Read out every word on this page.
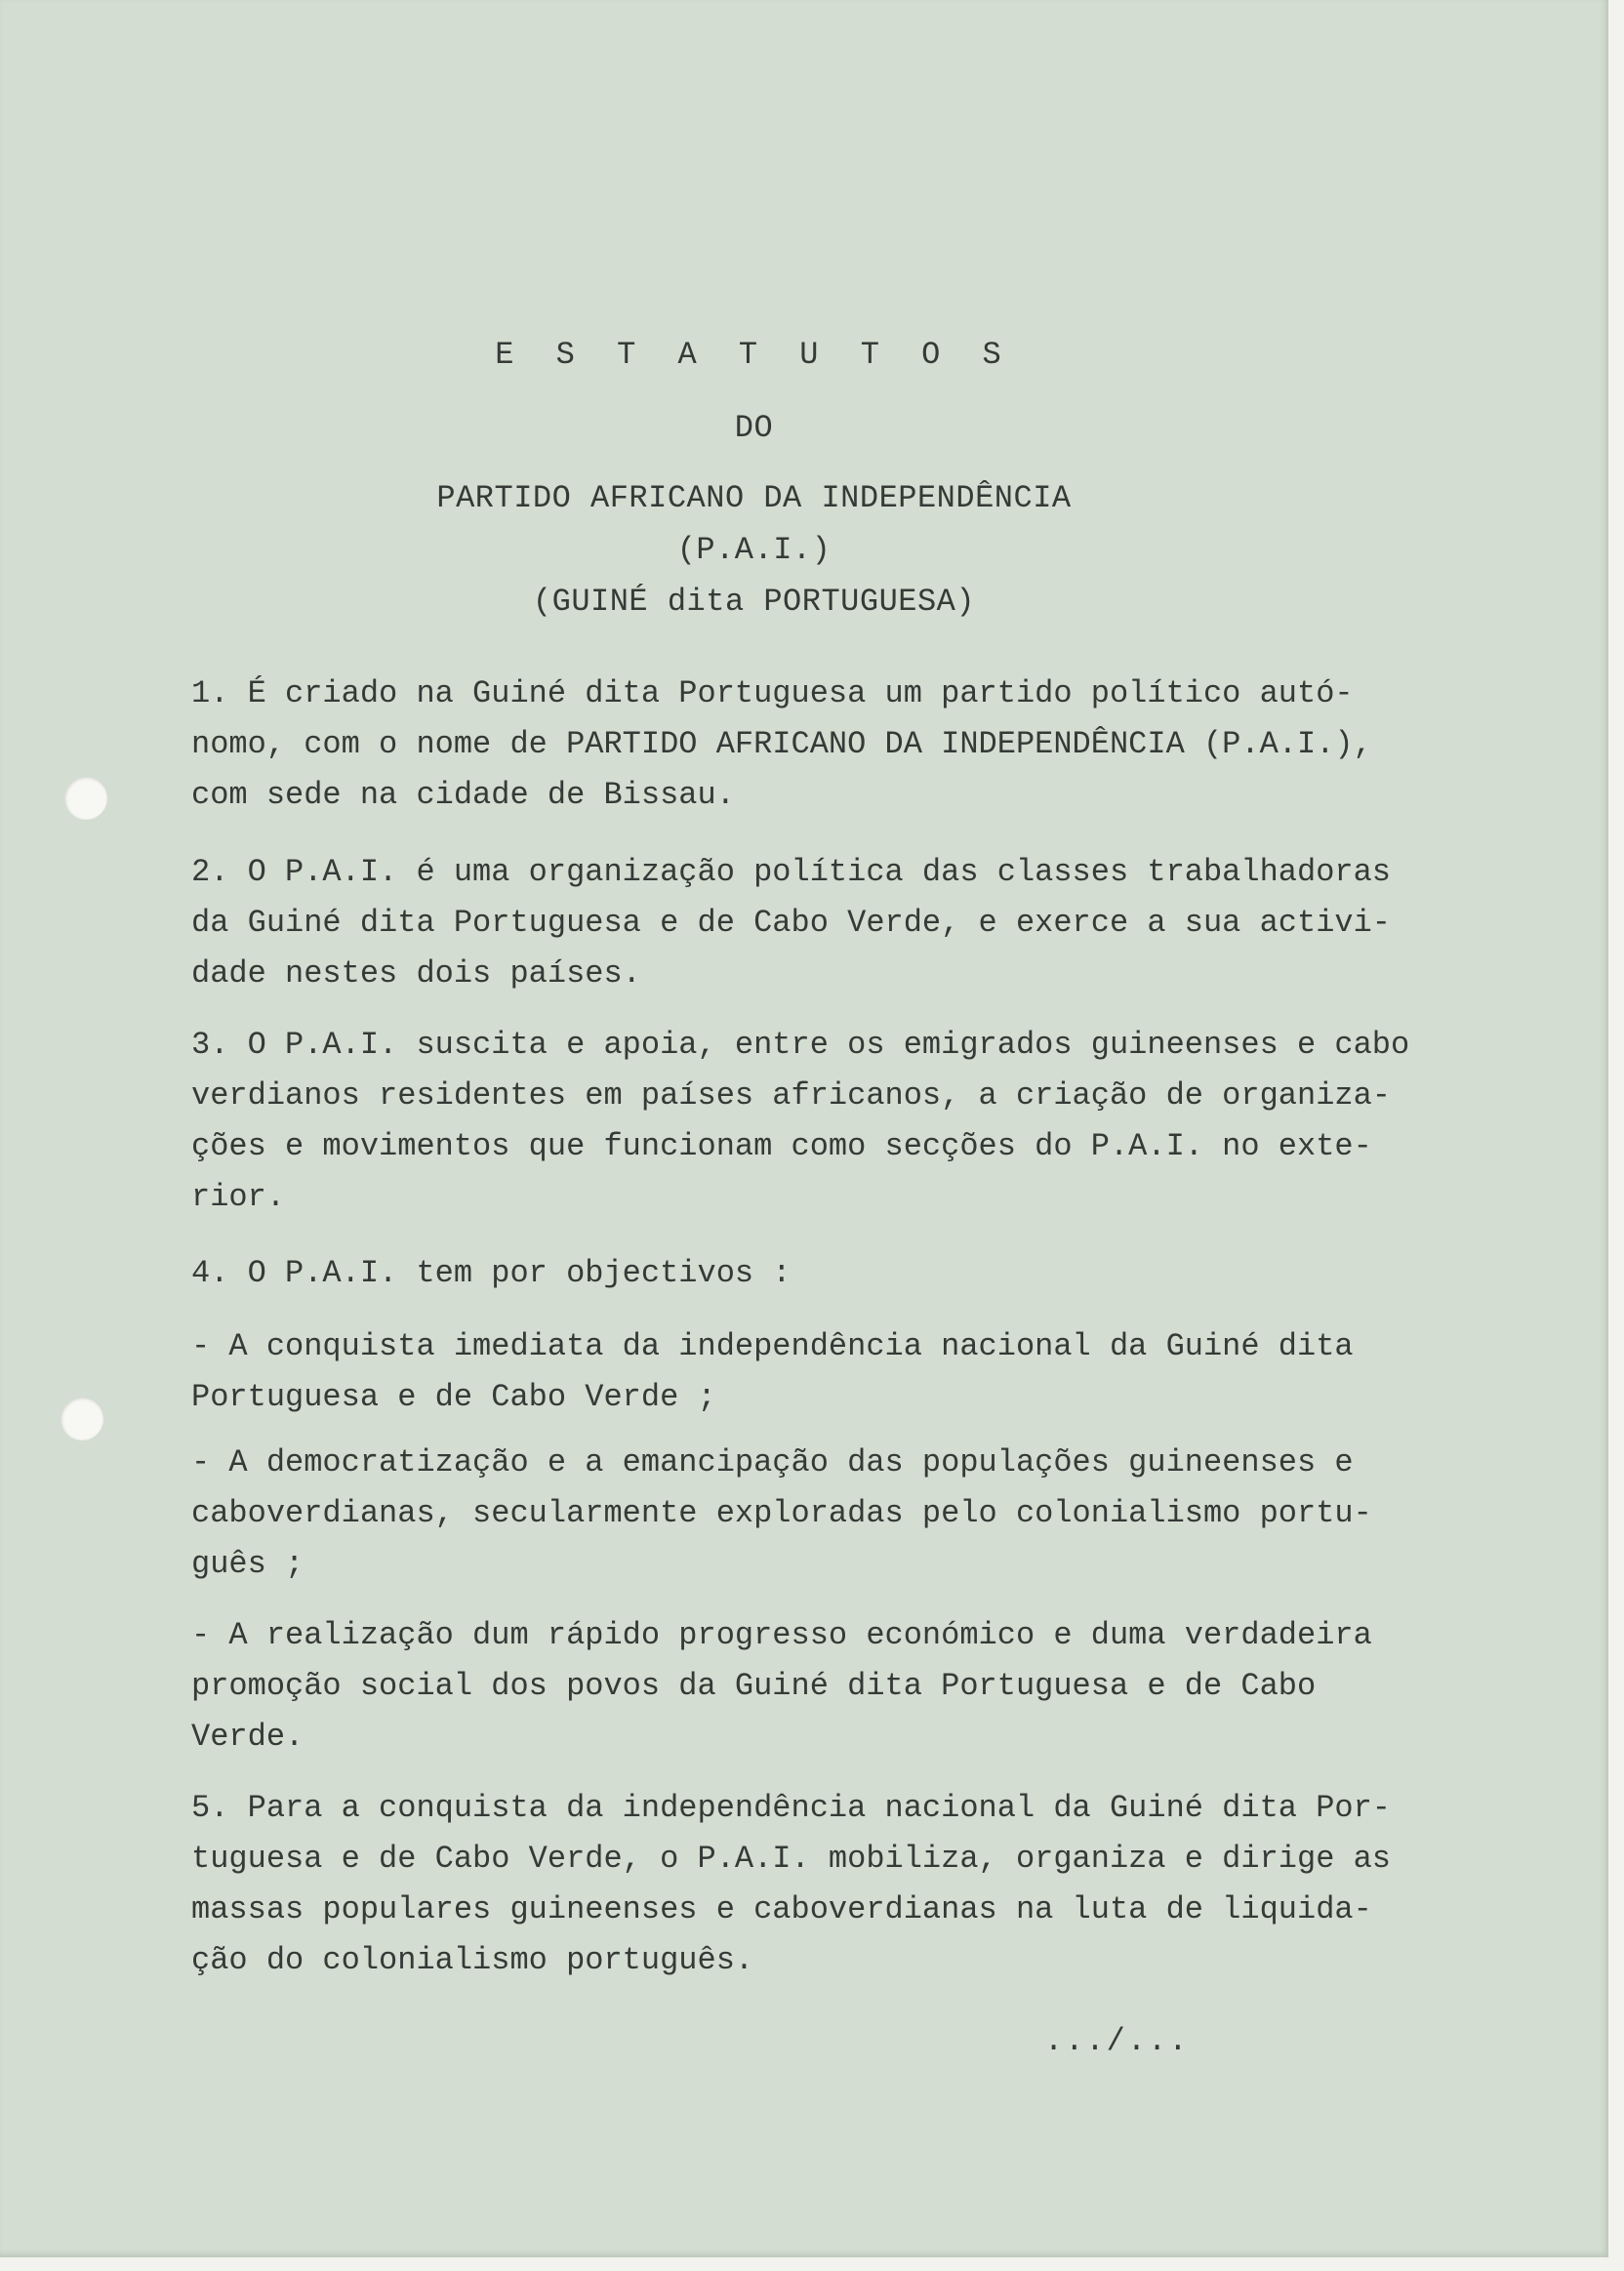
E S T A T U T O S
DO
PARTIDO AFRICANO DA INDEPENDÊNCIA
(P.A.I.)
(GUINÉ dita PORTUGUESA)
1. É criado na Guiné dita Portuguesa um partido político autó-
nomo, com o nome de PARTIDO AFRICANO DA INDEPENDÊNCIA (P.A.I.),
com sede na cidade de Bissau.
2. O P.A.I. é uma organização política das classes trabalhadoras
da Guiné dita Portuguesa e de Cabo Verde, e exerce a sua activi-
dade nestes dois países.
3. O P.A.I. suscita e apoia, entre os emigrados guineenses e cabo
verdianos residentes em países africanos, a criação de organiza-
ções e movimentos que funcionam como secções do P.A.I. no exte-
rior.
4. O P.A.I. tem por objectivos :
- A conquista imediata da independência nacional da Guiné dita
Portuguesa e de Cabo Verde ;
- A democratização e a emancipação das populações guineenses e
caboverdianas, secularmente exploradas pelo colonialismo portu-
guês ;
- A realização dum rápido progresso económico e duma verdadeira
promoção social dos povos da Guiné dita Portuguesa e de Cabo
Verde.
5. Para a conquista da independência nacional da Guiné dita Por-
tuguesa e de Cabo Verde, o P.A.I. mobiliza, organiza e dirige as
massas populares guineenses e caboverdianas na luta de liquida-
ção do colonialismo português.
.../...
